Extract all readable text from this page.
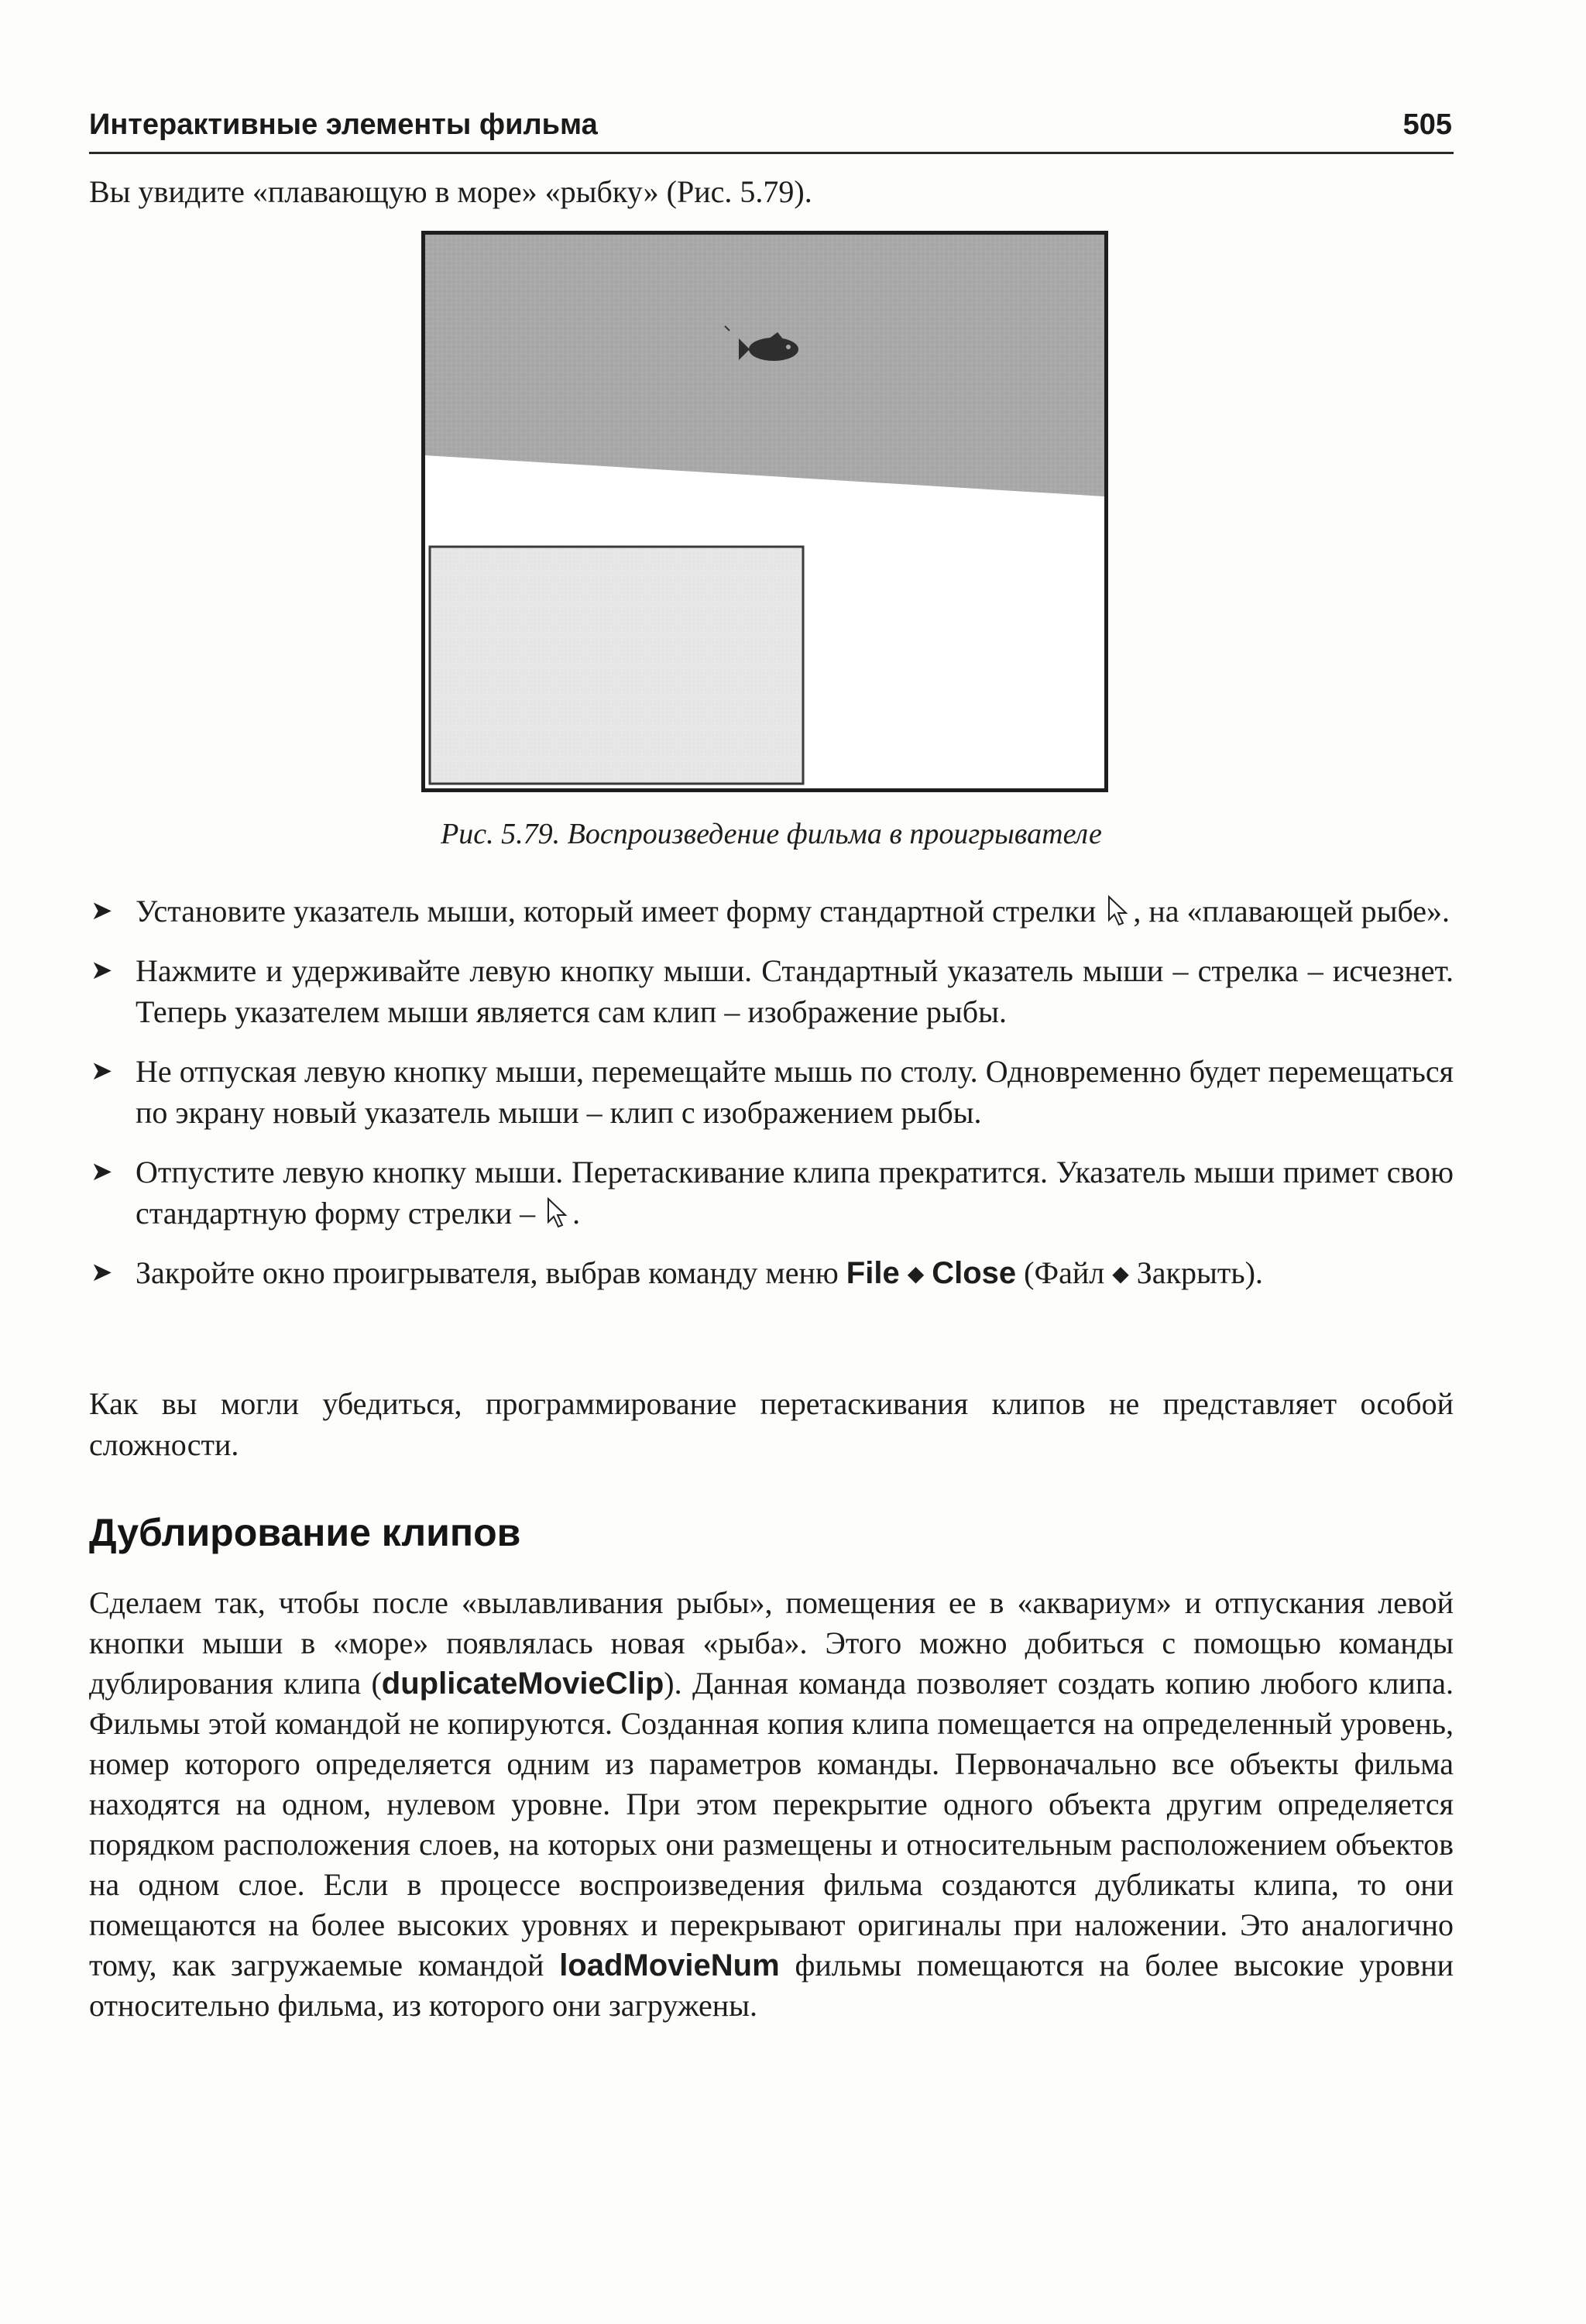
Интерактивные элементы фильма	505

Вы увидите «плавающую в море» «рыбку» (Рис. 5.79).

Рис. 5.79. Воспроизведение фильма в проигрывателе

➤ Установите указатель мыши, который имеет форму стандартной стрелки , на «плавающей рыбе».
➤ Нажмите и удерживайте левую кнопку мыши. Стандартный указатель мыши – стрелка – исчезнет. Теперь указателем мыши является сам клип – изображение рыбы.
➤ Не отпуская левую кнопку мыши, перемещайте мышь по столу. Одновременно будет перемещаться по экрану новый указатель мыши – клип с изображением рыбы.
➤ Отпустите левую кнопку мыши. Перетаскивание клипа прекратится. Указатель мыши примет свою стандартную форму стрелки – .
➤ Закройте окно проигрывателя, выбрав команду меню File ◆ Close (Файл ◆ Закрыть).

Как вы могли убедиться, программирование перетаскивания клипов не представляет особой сложности.

Дублирование клипов

Сделаем так, чтобы после «вылавливания рыбы», помещения ее в «аквариум» и отпускания левой кнопки мыши в «море» появлялась новая «рыба». Этого можно добиться с помощью команды дублирования клипа (duplicateMovieClip). Данная команда позволяет создать копию любого клипа. Фильмы этой командой не копируются. Созданная копия клипа помещается на определенный уровень, номер которого определяется одним из параметров команды. Первоначально все объекты фильма находятся на одном, нулевом уровне. При этом перекрытие одного объекта другим определяется порядком расположения слоев, на которых они размещены и относительным расположением объектов на одном слое. Если в процессе воспроизведения фильма создаются дубликаты клипа, то они помещаются на более высоких уровнях и перекрывают оригиналы при наложении. Это аналогично тому, как загружаемые командой loadMovieNum фильмы помещаются на более высокие уровни относительно фильма, из которого они загружены.
